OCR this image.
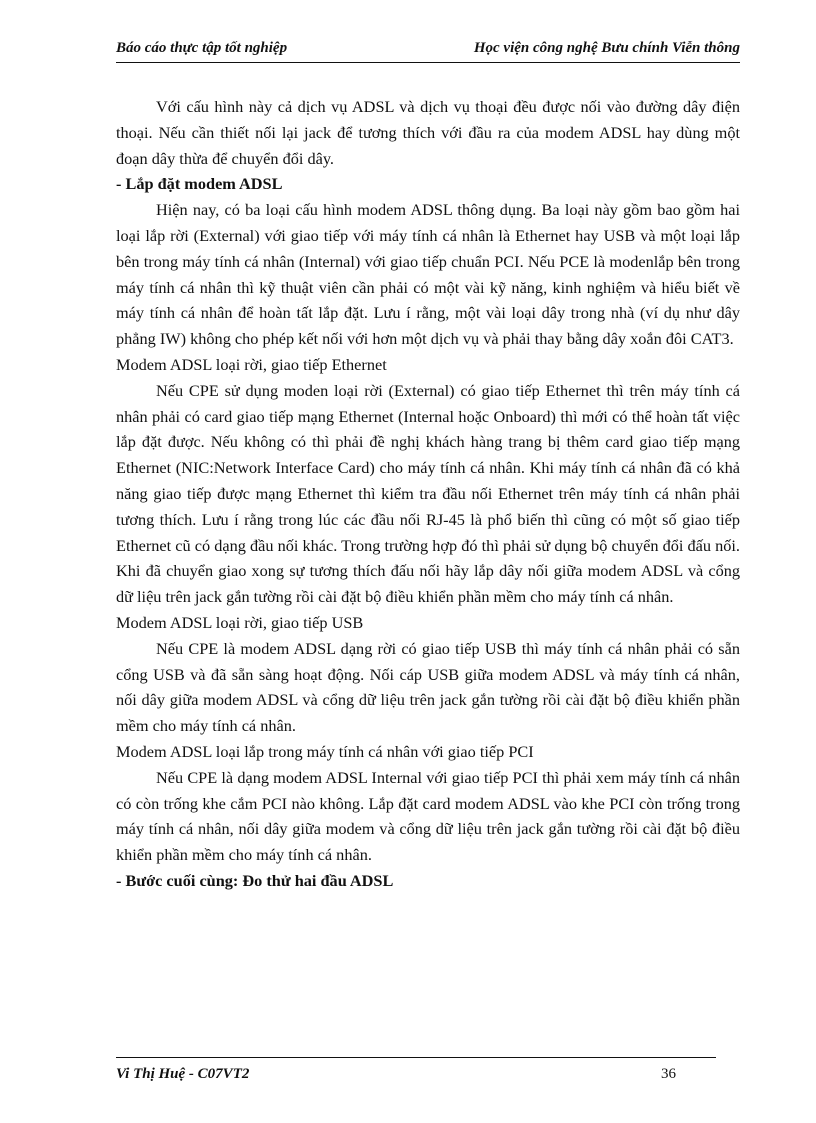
Báo cáo thực tập tốt nghiệp	Học viện công nghệ Bưu chính Viễn thông

Với cấu hình này cả dịch vụ ADSL và dịch vụ thoại đều được nối vào đường dây điện thoại. Nếu cần thiết nối lại jack để tương thích với đầu ra của modem ADSL hay dùng một đoạn dây thừa để chuyển đổi dây.

- Lắp đặt modem ADSL

Hiện nay, có ba loại cấu hình modem ADSL thông dụng. Ba loại này gồm bao gồm hai loại lắp rời (External) với giao tiếp với máy tính cá nhân là Ethernet hay USB và một loại lắp bên trong máy tính cá nhân (Internal) với giao tiếp chuẩn PCI. Nếu PCE là modenlắp bên trong máy tính cá nhân thì kỹ thuật viên cần phải có một vài kỹ năng, kinh nghiệm và hiểu biết về máy tính cá nhân để hoàn tất lắp đặt. Lưu í rằng, một vài loại dây trong nhà (ví dụ như dây phẳng IW) không cho phép kết nối với hơn một dịch vụ và phải thay bằng dây xoắn đôi CAT3.

Modem ADSL loại rời, giao tiếp Ethernet

Nếu CPE sử dụng moden loại rời (External) có giao tiếp Ethernet thì trên máy tính cá nhân phải có card giao tiếp mạng Ethernet (Internal hoặc Onboard) thì mới có thể hoàn tất việc lắp đặt được. Nếu không có thì phải đề nghị khách hàng trang bị thêm card giao tiếp mạng Ethernet (NIC:Network Interface Card) cho máy tính cá nhân. Khi máy tính cá nhân đã có khả năng giao tiếp được mạng Ethernet thì kiểm tra đầu nối Ethernet trên máy tính cá nhân phải tương thích. Lưu í rằng trong lúc các đầu nối RJ-45 là phổ biến thì cũng có một số giao tiếp Ethernet cũ có dạng đầu nối khác. Trong trường hợp đó thì phải sử dụng bộ chuyển đổi đấu nối. Khi đã chuyển giao xong sự tương thích đấu nối hãy lắp dây nối giữa modem ADSL và cổng dữ liệu trên jack gắn tường rồi cài đặt bộ điều khiển phần mềm cho máy tính cá nhân.

Modem ADSL loại rời, giao tiếp USB

Nếu CPE là modem ADSL dạng rời có giao tiếp USB thì máy tính cá nhân phải có sẵn cổng USB và đã sẵn sàng hoạt động. Nối cáp USB giữa modem ADSL và máy tính cá nhân, nối dây giữa modem ADSL và cổng dữ liệu trên jack gắn tường rồi cài đặt bộ điều khiển phần mềm cho máy tính cá nhân.

Modem ADSL loại lắp trong máy tính cá nhân với giao tiếp PCI

Nếu CPE là dạng modem ADSL Internal với giao tiếp PCI thì phải xem máy tính cá nhân có còn trống khe cắm PCI nào không. Lắp đặt card modem ADSL vào khe PCI còn trống trong máy tính cá nhân, nối dây giữa modem và cổng dữ liệu trên jack gắn tường rồi cài đặt bộ điều khiển phần mềm cho máy tính cá nhân.

- Bước cuối cùng: Đo thử hai đầu ADSL

Vi Thị Huệ - C07VT2	36
